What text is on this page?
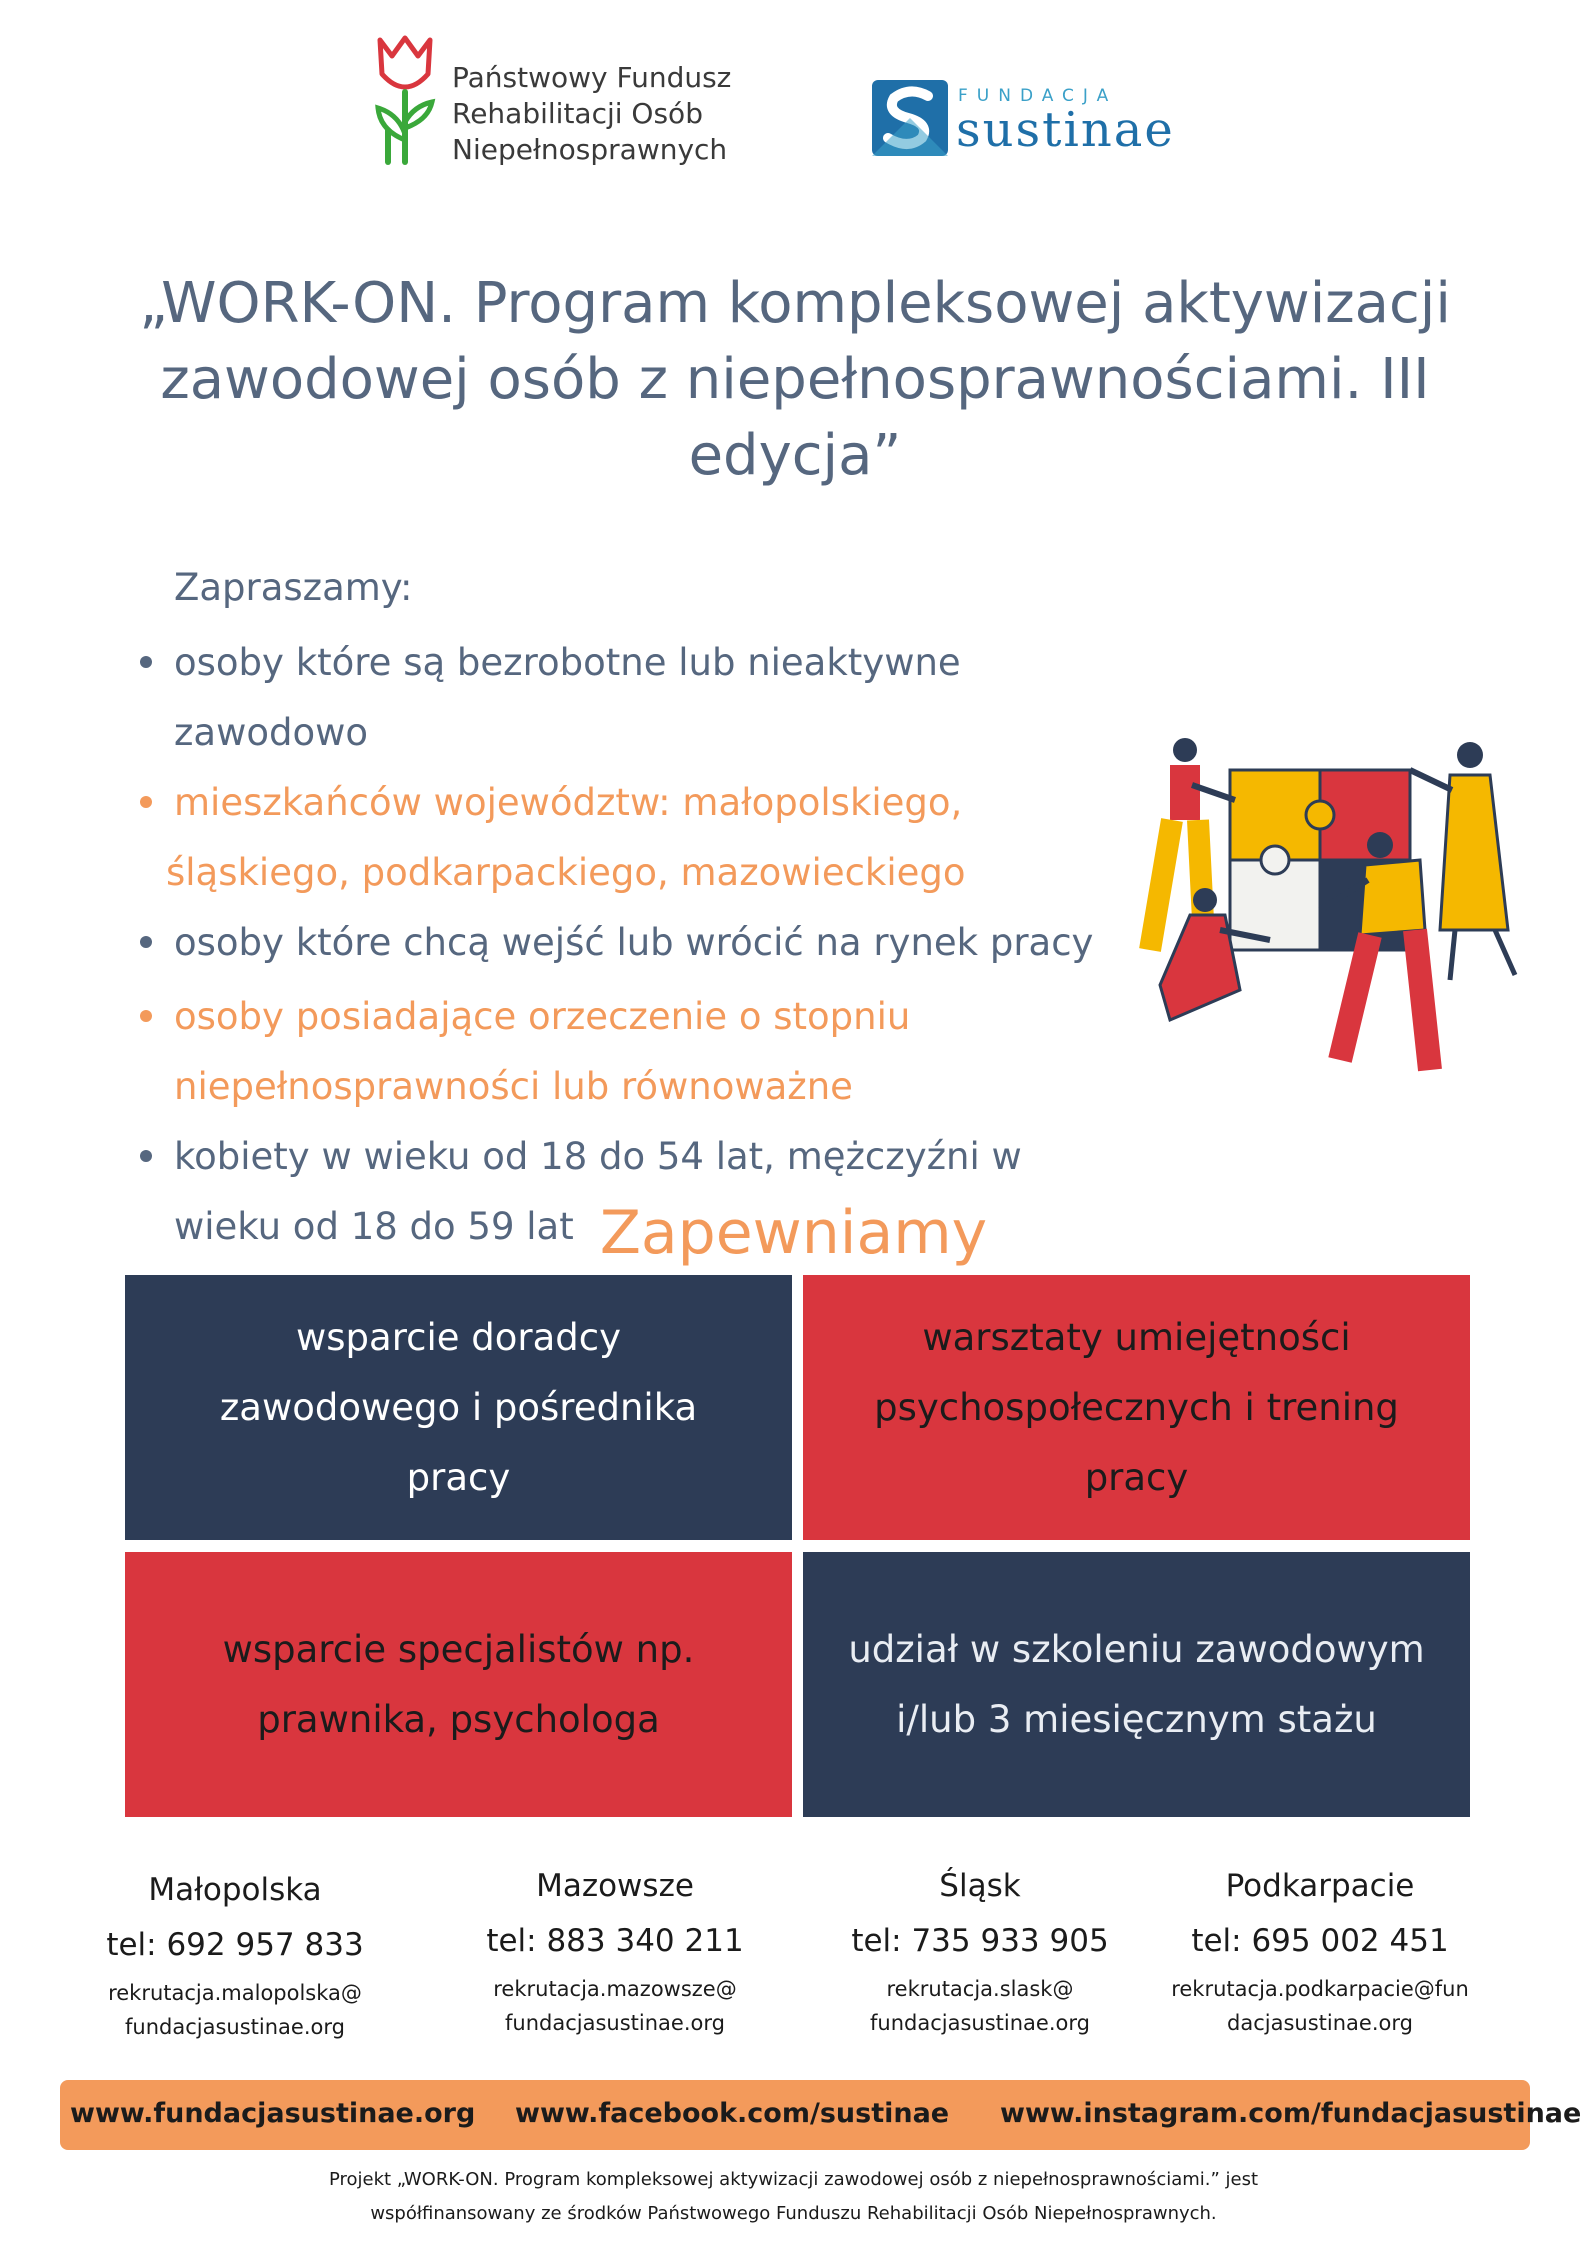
Państwowy Fundusz
Rehabilitacji Osób
Niepełnosprawnych
FUNDACJA
sustinae
„WORK-ON. Program kompleksowej aktywizacji
zawodowej osób z niepełnosprawnościami. III
edycja”
Zapraszamy:
osoby które są bezrobotne lub nieaktywne zawodowo
mieszkańców województw: małopolskiego,
śląskiego, podkarpackiego, mazowieckiego
osoby które chcą wejść lub wrócić na rynek pracy
osoby posiadające orzeczenie o stopniu
niepełnosprawności lub równoważne
kobiety w wieku od 18 do 54 lat, mężczyźni w
wieku od 18 do 59 lat Zapewniamy
wsparcie doradcy
zawodowego i pośrednika
pracy
warsztaty umiejętności
psychospołecznych i trening
pracy
wsparcie specjalistów np.
prawnika, psychologa
udział w szkoleniu zawodowym
i/lub 3 miesięcznym stażu
Małopolska
tel: 692 957 833
rekrutacja.malopolska@
fundacjasustinae.org
Mazowsze
tel: 883 340 211
rekrutacja.mazowsze@
fundacjasustinae.org
Śląsk
tel: 735 933 905
rekrutacja.slask@
fundacjasustinae.org
Podkarpacie
tel: 695 002 451
rekrutacja.podkarpacie@fun
dacjasustinae.org
www.fundacjasustinae.org www.facebook.com/sustinae www.instagram.com/fundacjasustinae
Projekt „WORK-ON. Program kompleksowej aktywizacji zawodowej osób z niepełnosprawnościami.” jest
współfinansowany ze środków Państwowego Funduszu Rehabilitacji Osób Niepełnosprawnych.
